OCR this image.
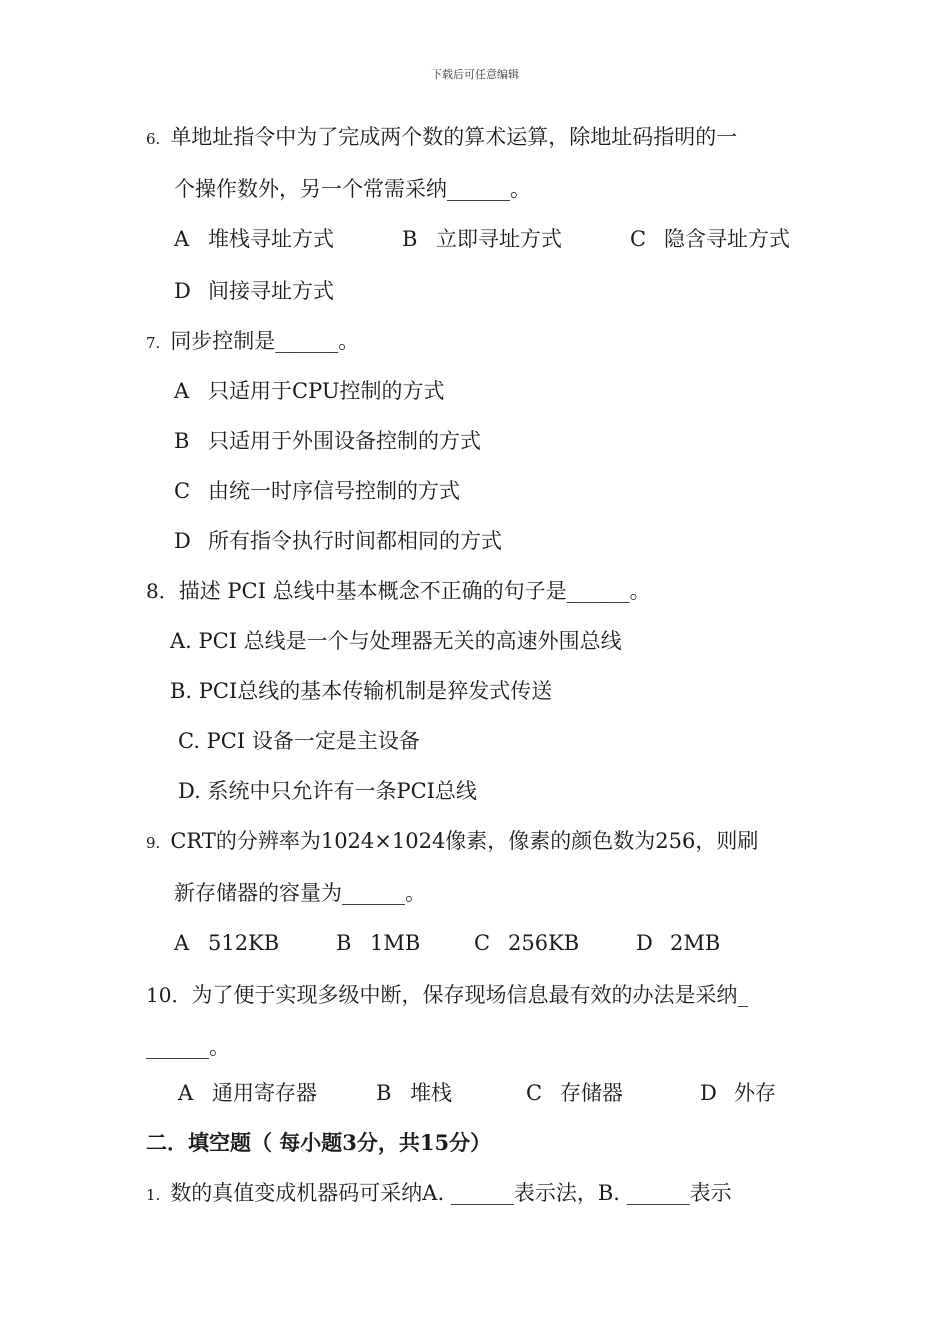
下载后可任意编辑
6. 单地址指令中为了完成两个数的算术运算，除地址码指明的一
个操作数外，另一个常需采纳______。
A 堆栈寻址方式	B 立即寻址方式	C 隐含寻址方式
D 间接寻址方式
7. 同步控制是______。
A 只适用于CPU控制的方式
B 只适用于外围设备控制的方式
C 由统一时序信号控制的方式
D 所有指令执行时间都相同的方式
8．描述 PCI 总线中基本概念不正确的句子是______。
A. PCI 总线是一个与处理器无关的高速外围总线
B. PCI总线的基本传输机制是猝发式传送
C. PCI 设备一定是主设备
D. 系统中只允许有一条PCI总线
9. CRT的分辨率为1024×1024像素，像素的颜色数为256，则刷
新存储器的容量为______。
A 512KB	B 1MB	C 256KB	D 2MB
10．为了便于实现多级中断，保存现场信息最有效的办法是采纳_
______。
A 通用寄存器	B 堆栈	C 存储器	D 外存
二．填空题（ 每小题3分，共15分）
1. 数的真值变成机器码可采纳A. ______表示法，B. ______表示
